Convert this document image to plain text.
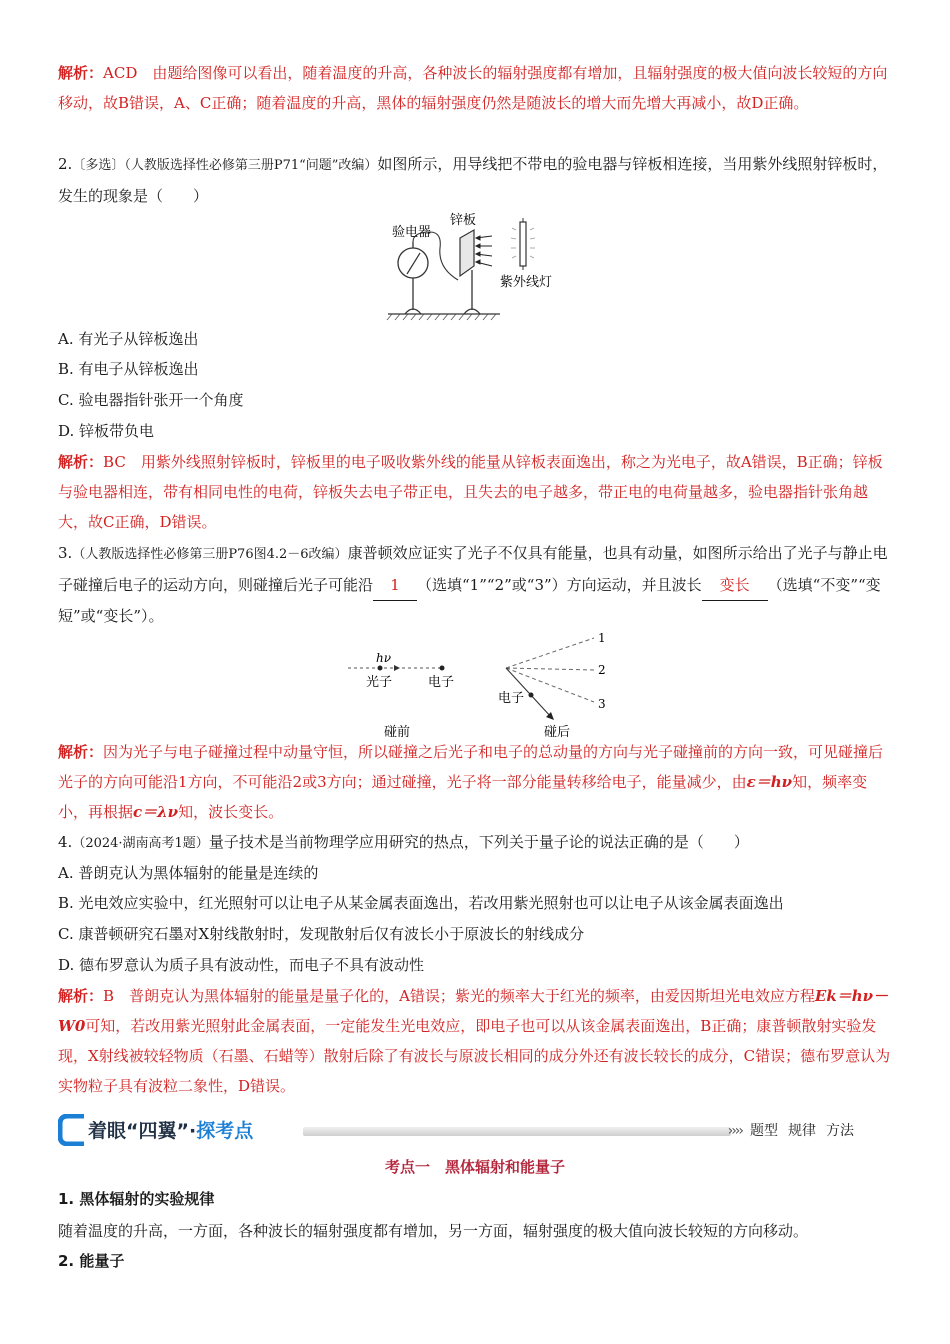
解析：ACD　 由题给图像可以看出，随着温度的升高，各种波长的辐射强度都有增加，且辐射强度的极大值向波长较短的方向移动，故B错误，A、C正确；随着温度的升高，黑体的辐射强度仍然是随波长的增大而先增大再减小，故D正确。
2.〔多选〕（人教版选择性必修第三册P71“问题”改编）如图所示，用导线把不带电的验电器与锌板相连接，当用紫外线照射锌板时，发生的现象是（　　）
验电器
锌板
紫外线灯
A. 有光子从锌板逸出
B. 有电子从锌板逸出
C. 验电器指针张开一个角度
D. 锌板带负电
解析：BC　 用紫外线照射锌板时，锌板里的电子吸收紫外线的能量从锌板表面逸出，称之为光电子，故A错误，B正确；锌板与验电器相连，带有相同电性的电荷，锌板失去电子带正电，且失去的电子越多，带正电的电荷量越多，验电器指针张角越大，故C正确，D错误。
3.（人教版选择性必修第三册P76图4.2－6改编）康普顿效应证实了光子不仅具有能量，也具有动量，如图所示给出了光子与静止电子碰撞后电子的运动方向，则碰撞后光子可能沿 1 （选填“1”“2”或“3”）方向运动，并且波长 变长 （选填“不变”“变短”或“变长”）。
hν
光子	电子
碰前
1
2
3
电子
碰后
解析：因为光子与电子碰撞过程中动量守恒，所以碰撞之后光子和电子的总动量的方向与光子碰撞前的方向一致，可见碰撞后光子的方向可能沿1方向，不可能沿2或3方向；通过碰撞，光子将一部分能量转移给电子，能量减少，由ε＝hν知，频率变小，再根据c＝λν知，波长变长。
4.（2024·湖南高考1题）量子技术是当前物理学应用研究的热点，下列关于量子论的说法正确的是（　　）
A. 普朗克认为黑体辐射的能量是连续的
B. 光电效应实验中，红光照射可以让电子从某金属表面逸出，若改用紫光照射也可以让电子从该金属表面逸出
C. 康普顿研究石墨对X射线散射时，发现散射后仅有波长小于原波长的射线成分
D. 德布罗意认为质子具有波动性，而电子不具有波动性
解析：B　 普朗克认为黑体辐射的能量是量子化的，A错误；紫光的频率大于红光的频率，由爱因斯坦光电效应方程Ek＝hν－W0可知，若改用紫光照射此金属表面，一定能发生光电效应，即电子也可以从该金属表面逸出，B正确；康普顿散射实验发现，X射线被较轻物质（石墨、石蜡等）散射后除了有波长与原波长相同的成分外还有波长较长的成分，C错误；德布罗意认为实物粒子具有波粒二象性，D错误。
着眼“四翼”·探考点	›››› 题型 规律 方法
考点一　黑体辐射和能量子
1. 黑体辐射的实验规律
随着温度的升高，一方面，各种波长的辐射强度都有增加，另一方面，辐射强度的极大值向波长较短的方向移动。
2. 能量子
